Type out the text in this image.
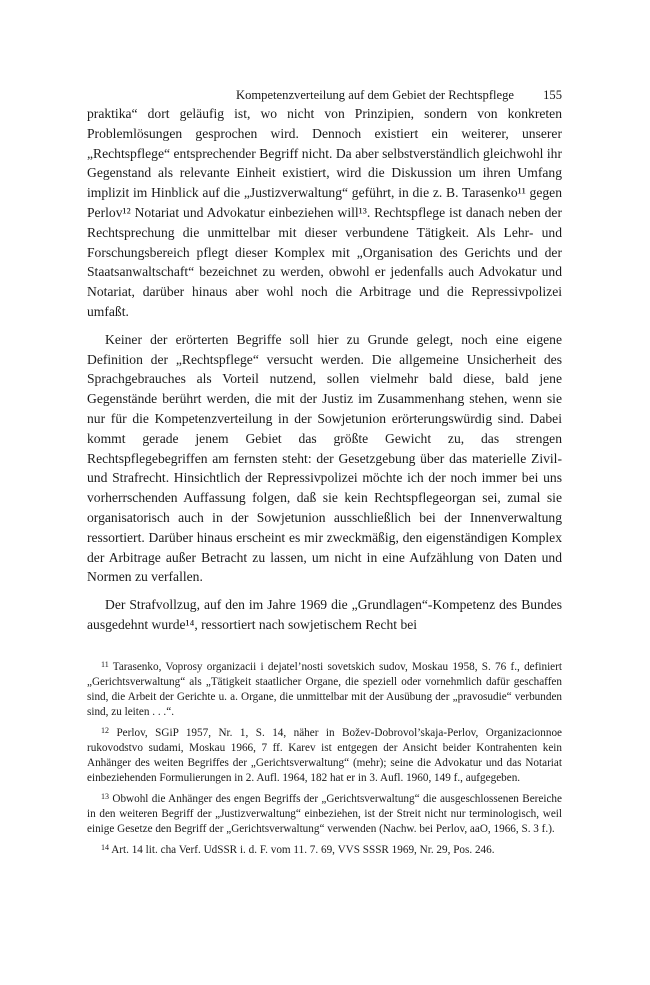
Kompetenzverteilung auf dem Gebiet der Rechtspflege 155

praktika“ dort geläufig ist, wo nicht von Prinzipien, sondern von konkreten Problemlösungen gesprochen wird. Dennoch existiert ein weiterer, unserer „Rechtspflege“ entsprechender Begriff nicht. Da aber selbstverständlich gleichwohl ihr Gegenstand als relevante Einheit existiert, wird die Diskussion um ihren Umfang implizit im Hinblick auf die „Justizverwaltung“ geführt, in die z. B. Tarasenko¹¹ gegen Perlov¹² Notariat und Advokatur einbeziehen will¹³. Rechtspflege ist danach neben der Rechtsprechung die unmittelbar mit dieser verbundene Tätigkeit. Als Lehr- und Forschungsbereich pflegt dieser Komplex mit „Organisation des Gerichts und der Staatsanwaltschaft“ bezeichnet zu werden, obwohl er jedenfalls auch Advokatur und Notariat, darüber hinaus aber wohl noch die Arbitrage und die Repressivpolizei umfaßt.

Keiner der erörterten Begriffe soll hier zu Grunde gelegt, noch eine eigene Definition der „Rechtspflege“ versucht werden. Die allgemeine Unsicherheit des Sprachgebrauches als Vorteil nutzend, sollen vielmehr bald diese, bald jene Gegenstände berührt werden, die mit der Justiz im Zusammenhang stehen, wenn sie nur für die Kompetenzverteilung in der Sowjetunion erörterungswürdig sind. Dabei kommt gerade jenem Gebiet das größte Gewicht zu, das strengen Rechtspflegebegriffen am fernsten steht: der Gesetzgebung über das materielle Zivil- und Strafrecht. Hinsichtlich der Repressivpolizei möchte ich der noch immer bei uns vorherrschenden Auffassung folgen, daß sie kein Rechtspflegeorgan sei, zumal sie organisatorisch auch in der Sowjetunion ausschließlich bei der Innenverwaltung ressortiert. Darüber hinaus erscheint es mir zweckmäßig, den eigenständigen Komplex der Arbitrage außer Betracht zu lassen, um nicht in eine Aufzählung von Daten und Normen zu verfallen.

Der Strafvollzug, auf den im Jahre 1969 die „Grundlagen“-Kompetenz des Bundes ausgedehnt wurde¹⁴, ressortiert nach sowjetischem Recht bei

$^{11}$ Tarasenko, Voprosy organizacii i dejatel’nosti sovetskich sudov, Moskau 1958, S. 76 f., definiert „Gerichtsverwaltung“ als „Tätigkeit staatlicher Organe, die speziell oder vornehmlich dafür geschaffen sind, die Arbeit der Gerichte u. a. Organe, die unmittelbar mit der Ausübung der „pravosudie“ verbunden sind, zu leiten . . .“.

$^{12}$ Perlov, SGiP 1957, Nr. 1, S. 14, näher in Božev-Dobrovol’skaja-Perlov, Organizacionnoe rukovodstvo sudami, Moskau 1966, 7 ff. Karev ist entgegen der Ansicht beider Kontrahenten kein Anhänger des weiten Begriffes der „Gerichtsverwaltung“ (mehr); seine die Advokatur und das Notariat einbeziehenden Formulierungen in 2. Aufl. 1964, 182 hat er in 3. Aufl. 1960, 149 f., aufgegeben.

$^{13}$ Obwohl die Anhänger des engen Begriffs der „Gerichtsverwaltung“ die ausgeschlossenen Bereiche in den weiteren Begriff der „Justizverwaltung“ einbeziehen, ist der Streit nicht nur terminologisch, weil einige Gesetze den Begriff der „Gerichtsverwaltung“ verwenden (Nachw. bei Perlov, aaO, 1966, S. 3 f.).

$^{14}$ Art. 14 lit. cha Verf. UdSSR i. d. F. vom 11. 7. 69, VVS SSSR 1969, Nr. 29, Pos. 246.
